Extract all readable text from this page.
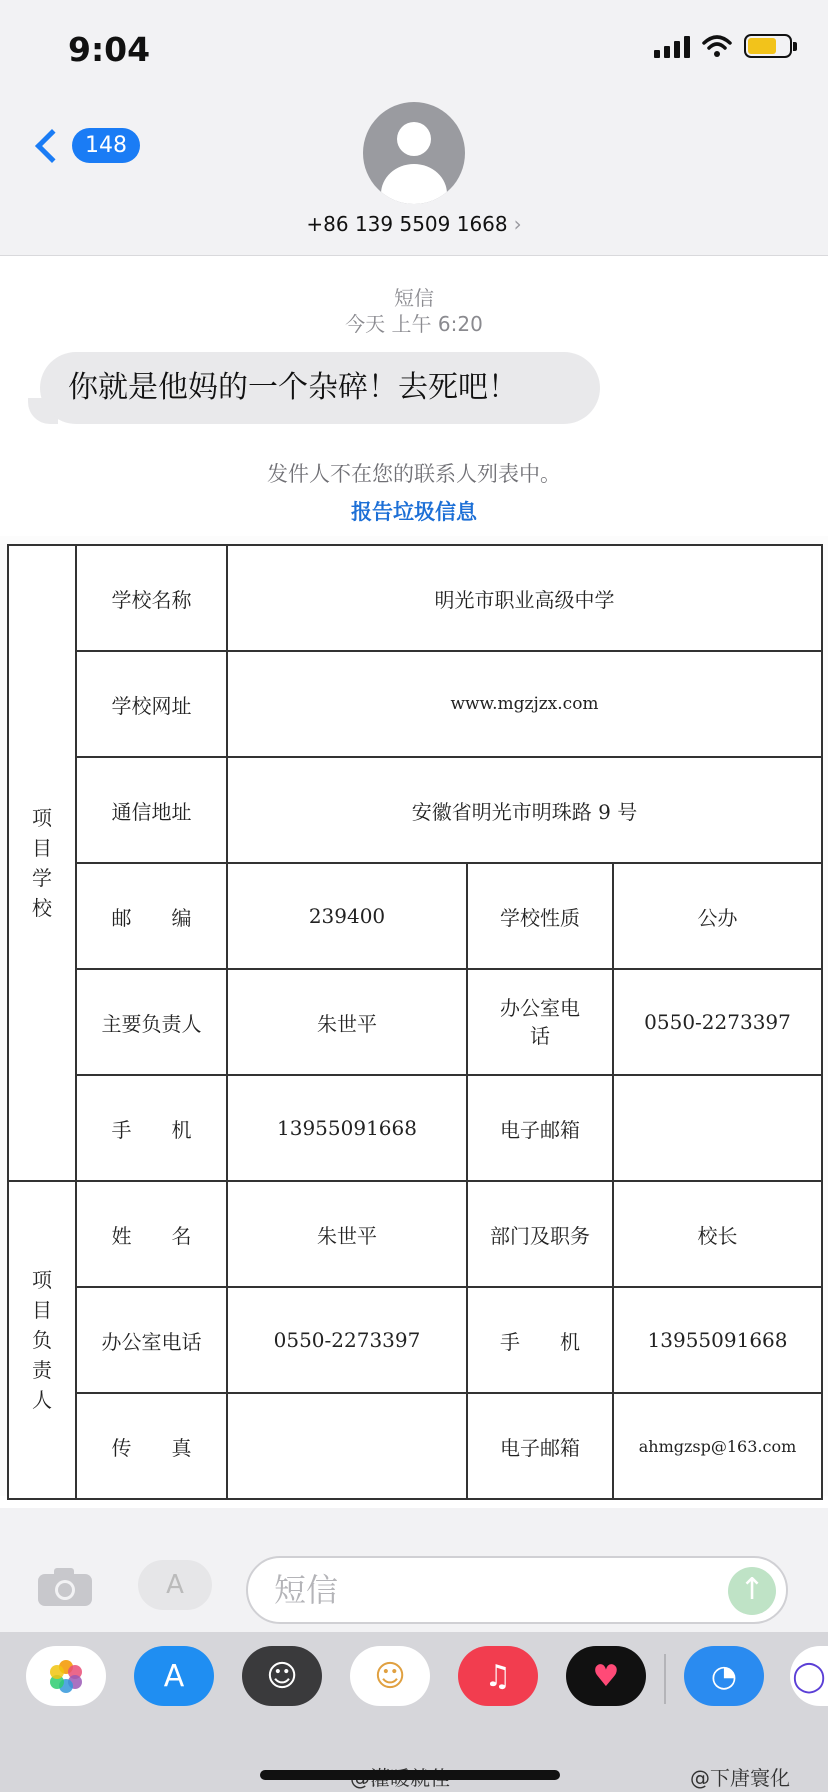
9:04
148
+86 139 5509 1668 ›
短信
今天 上午 6:20
你就是他妈的一个杂碎！去死吧！
发件人不在您的联系人列表中。
报告垃圾信息
项目学校	学校名称	明光市职业高级中学		
	学校网址	www.mgzjzx.com		
	通信地址	安徽省明光市明珠路 9 号		
	邮　　编	239400	学校性质	公办
	主要负责人	朱世平	办公室电话	0550-2273397
	手　　机	13955091668	电子邮箱	
项目负责人	姓　　名	朱世平	部门及职务	校长
	办公室电话	0550-2273397	手　　机	13955091668
	传　　真		电子邮箱	ahmgzsp@163.com
A	短信	↑
A	☺	☺	♫	♥	◔	◯
@下唐寰化
